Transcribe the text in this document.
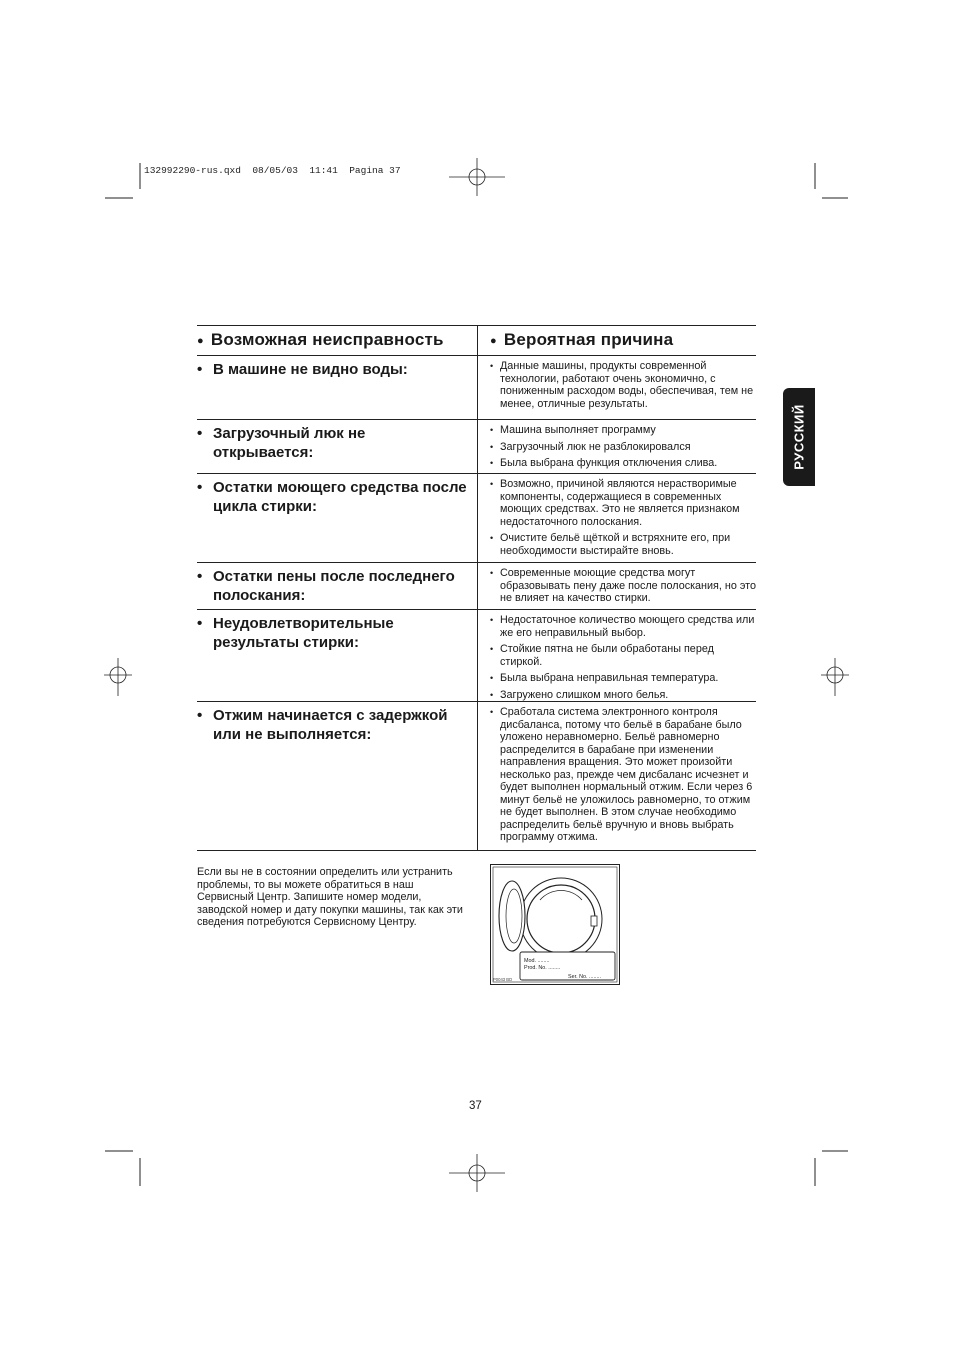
132992290-rus.qxd  08/05/03  11:41  Pagina 37
РУССКИЙ
● Возможная неисправность	● Вероятная причина
• В машине не видно воды:	• Данные машины, продукты современной технологии, работают очень экономично, с пониженным расходом воды, обеспечивая, тем не менее, отличные результаты.
• Загрузочный люк не открывается:
• Машина выполняет программу
• Загрузочный люк не разблокировался
• Была выбрана функция отключения слива.
• Остатки моющего средства после цикла стирки:
• Возможно, причиной являются нерастворимые компоненты, содержащиеся в современных моющих средствах. Это не является признаком недостаточного полоскания.
• Очистите бельё щёткой и встряхните его, при необходимости выстирайте вновь.
• Остатки пены после последнего полоскания:
• Современные моющие средства могут образовывать пену даже после полоскания, но это не влияет на качество стирки.
• Неудовлетворительные результаты стирки:
• Недостаточное количество моющего средства или же его неправильный выбор.
• Стойкие пятна не были обработаны перед стиркой.
• Была выбрана неправильная температура.
• Загружено слишком много белья.
• Отжим начинается с задержкой или не выполняется:
• Сработала система электронного контроля дисбаланса, потому что бельё в барабане было уложено неравномерно. Бельё равномерно распределится в барабане при изменении направления вращения. Это может произойти несколько раз, прежде чем дисбаланс исчезнет и будет выполнен нормальный отжим. Если через 6 минут бельё не уложилось равномерно, то отжим не будет выполнен. В этом случае необходимо распределить бельё вручную и вновь выбрать программу отжима.
Если вы не в состоянии определить или устранить проблемы, то вы можете обратиться в наш Сервисный Центр. Запишите номер модели, заводской номер и дату покупки машины, так как эти сведения потребуются Сервисному Центру.
Mod. ........
Prod. No. ........
Ser. No. ........
P0043 BD
37
